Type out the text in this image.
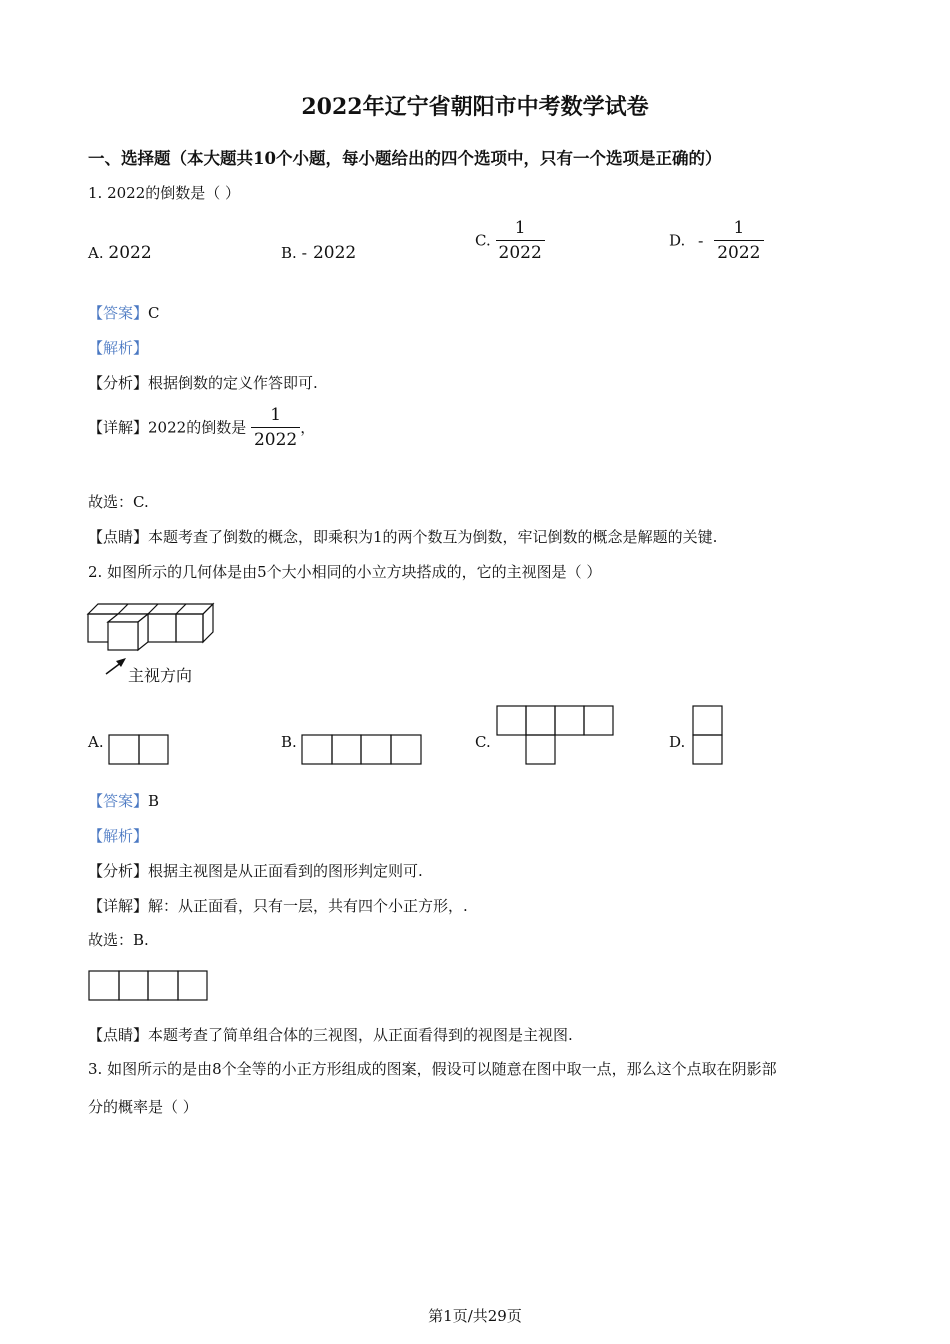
2022年辽宁省朝阳市中考数学试卷
一、选择题（本大题共10个小题，每小题给出的四个选项中，只有一个选项是正确的）
1. 2022的倒数是（ ）
A. 2022	B. - 2022
C. $\frac{1}{2022}$	D. - $\frac{1}{2022}$
【答案】C
【解析】
【分析】根据倒数的定义作答即可.
【详解】2022的倒数是 $\frac{1}{2022}$ ，
故选：C.
【点睛】本题考查了倒数的概念，即乘积为1的两个数互为倒数，牢记倒数的概念是解题的关键.
2. 如图所示的几何体是由5个大小相同的小立方块搭成的，它的主视图是（ ）
主视方向
A.	B.	C.	D.
【答案】B
【解析】
【分析】根据主视图是从正面看到的图形判定则可.
【详解】解：从正面看，只有一层，共有四个小正方形，.
故选：B.
【点睛】本题考查了简单组合体的三视图，从正面看得到的视图是主视图.
3. 如图所示的是由8个全等的小正方形组成的图案，假设可以随意在图中取一点，那么这个点取在阴影部
分的概率是（ ）
第1页/共29页
